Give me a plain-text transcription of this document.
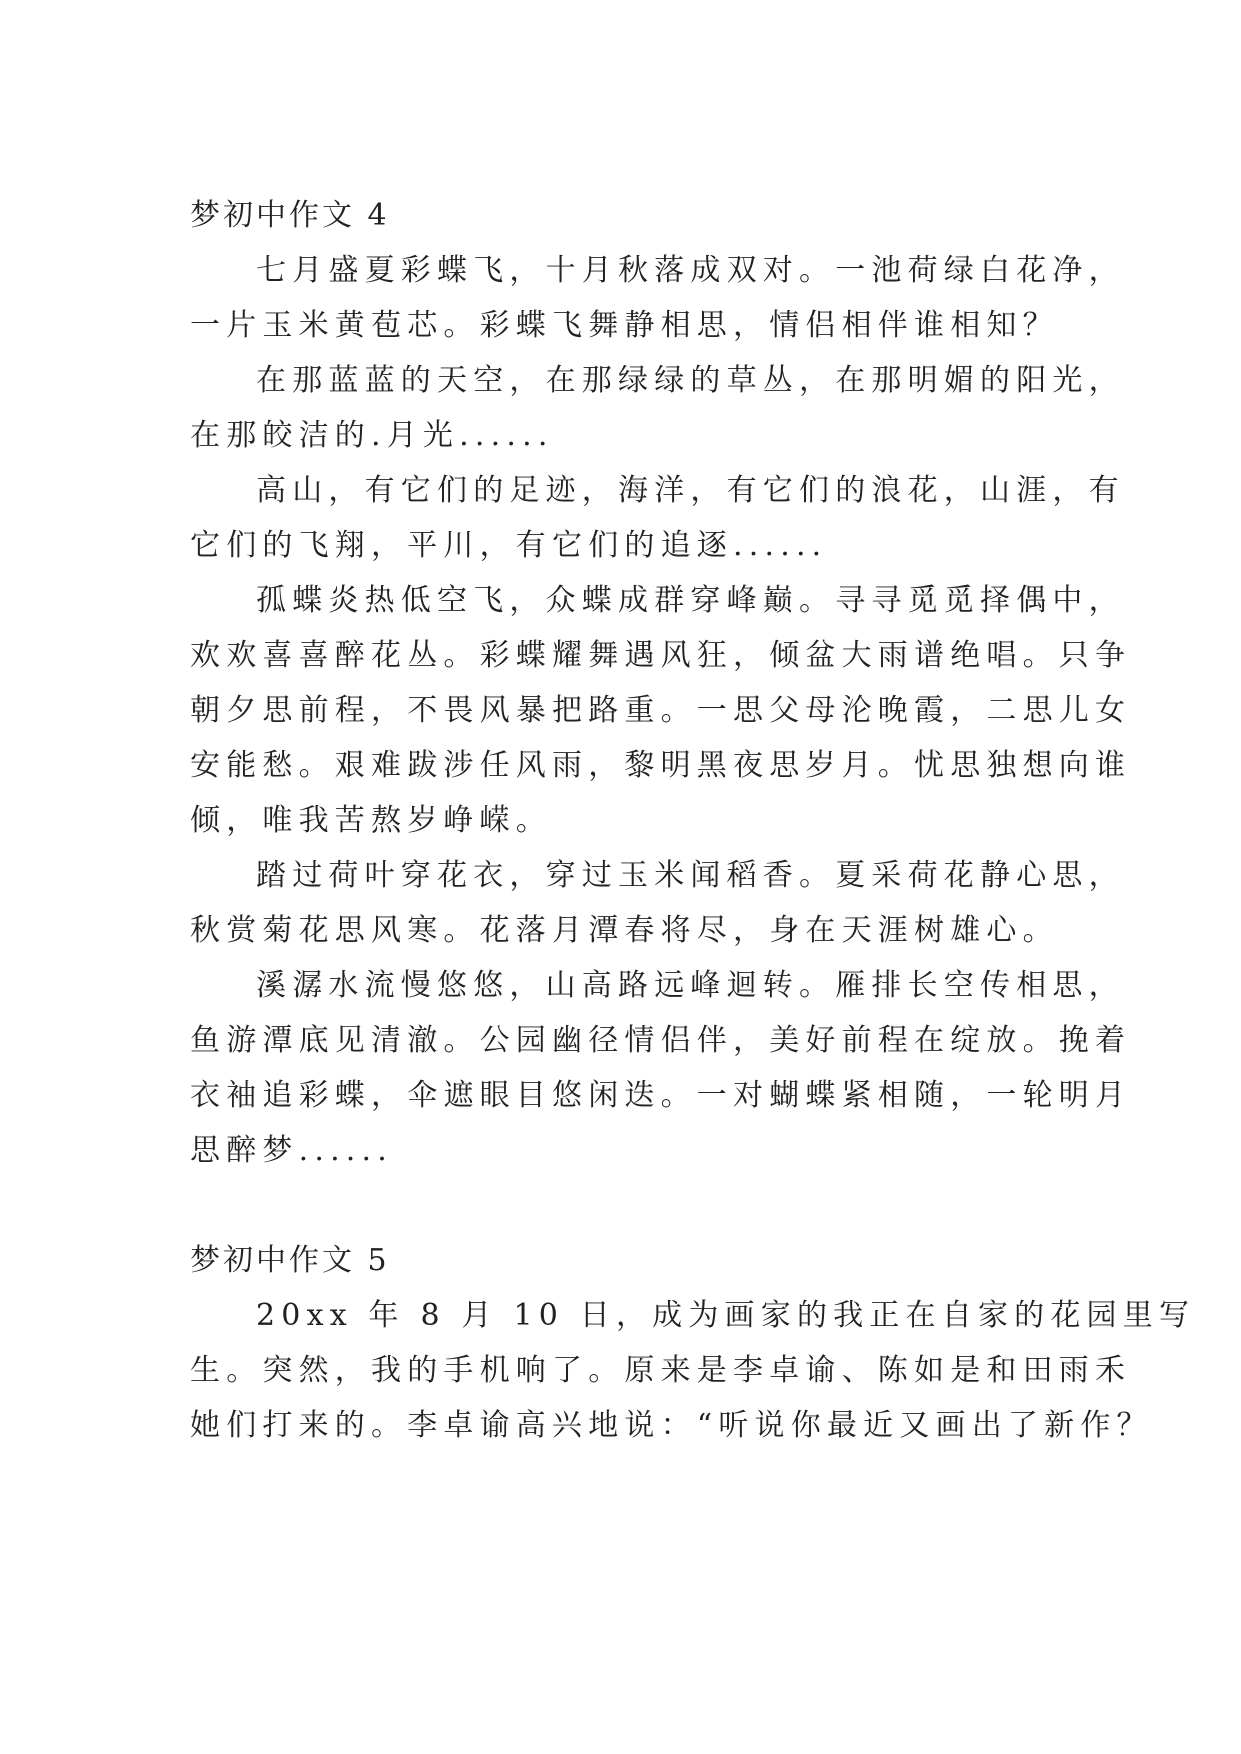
梦初中作文 4
七月盛夏彩蝶飞，十月秋落成双对。一池荷绿白花净，
一片玉米黄苞芯。彩蝶飞舞静相思，情侣相伴谁相知？
在那蓝蓝的天空，在那绿绿的草丛，在那明媚的阳光，
在那皎洁的.月光......
高山，有它们的足迹，海洋，有它们的浪花，山涯，有
它们的飞翔，平川，有它们的追逐......
孤蝶炎热低空飞，众蝶成群穿峰巅。寻寻觅觅择偶中，
欢欢喜喜醉花丛。彩蝶耀舞遇风狂，倾盆大雨谱绝唱。只争
朝夕思前程，不畏风暴把路重。一思父母沦晚霞，二思儿女
安能愁。艰难跋涉任风雨，黎明黑夜思岁月。忧思独想向谁
倾，唯我苦熬岁峥嵘。
踏过荷叶穿花衣，穿过玉米闻稻香。夏采荷花静心思，
秋赏菊花思风寒。花落月潭春将尽，身在天涯树雄心。
溪潺水流慢悠悠，山高路远峰迴转。雁排长空传相思，
鱼游潭底见清澈。公园幽径情侣伴，美好前程在绽放。挽着
衣袖追彩蝶，伞遮眼目悠闲迭。一对蝴蝶紧相随，一轮明月
思醉梦......
梦初中作文 5
20xx 年 8 月 10 日，成为画家的我正在自家的花园里写
生。突然，我的手机响了。原来是李卓谕、陈如是和田雨禾
她们打来的。李卓谕高兴地说：“听说你最近又画出了新作？
